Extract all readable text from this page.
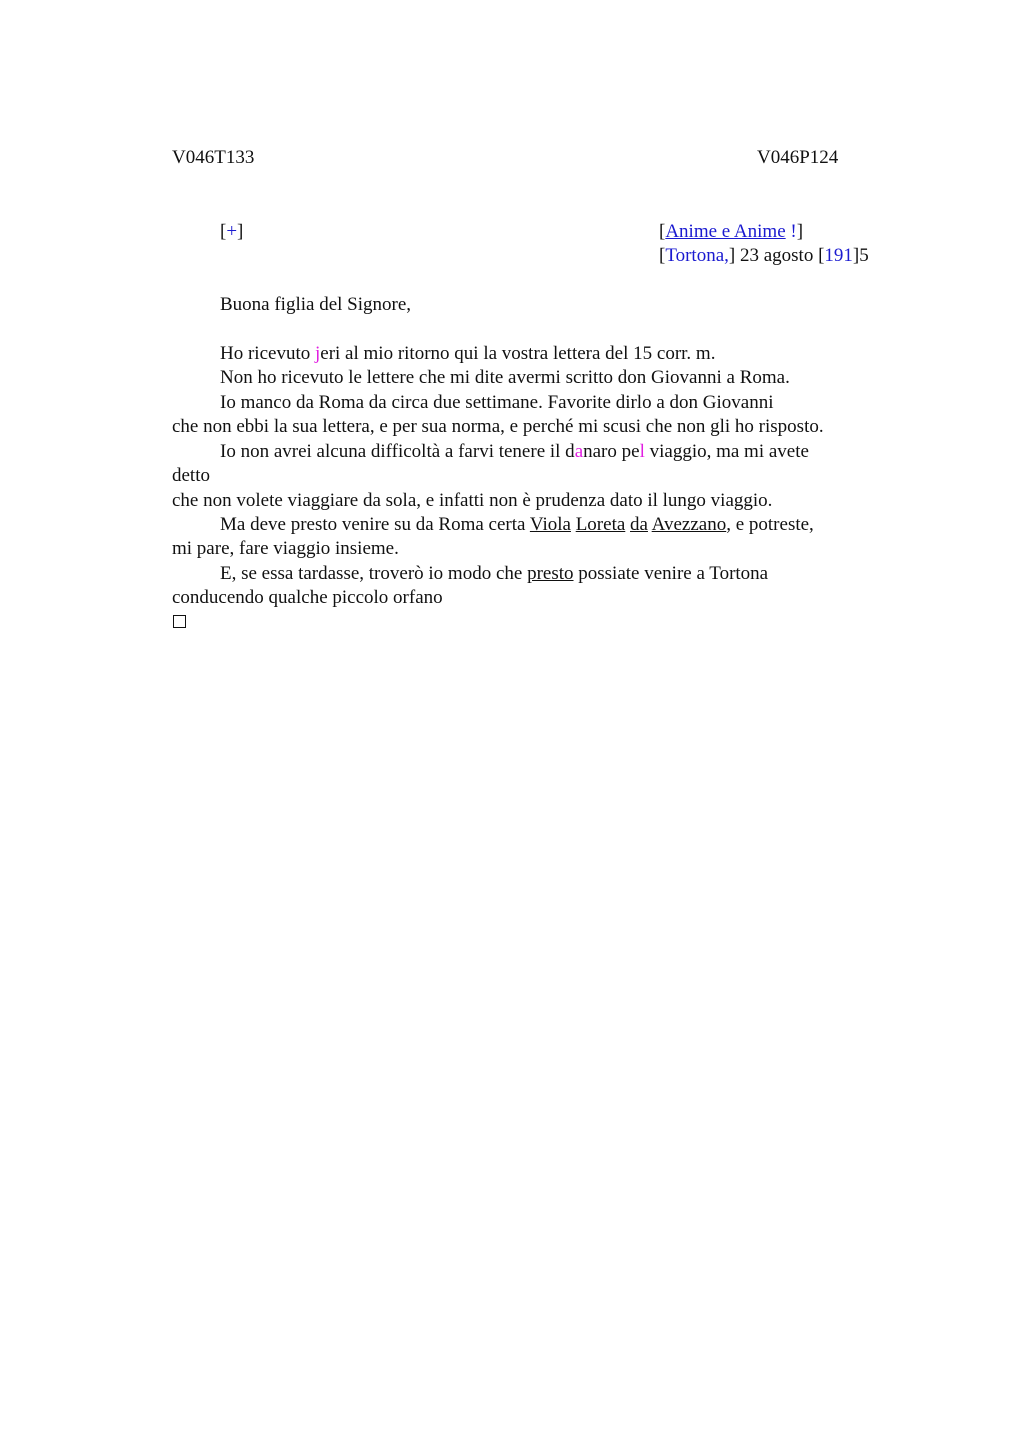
V046T133	V046P124
[+]	[Anime e Anime !]
[Tortona,] 23 agosto [191]5
Buona figlia del Signore,
Ho ricevuto jeri al mio ritorno qui la vostra lettera del 15 corr. m.
Non ho ricevuto le lettere che mi dite avermi scritto don Giovanni a Roma.
Io manco da Roma da circa due settimane. Favorite dirlo a don Giovanni
che non ebbi la sua lettera, e per sua norma, e perché mi scusi che non gli ho risposto.
Io non avrei alcuna difficoltà a farvi tenere il danaro pel viaggio, ma mi avete
detto
che non volete viaggiare da sola, e infatti non è prudenza dato il lungo viaggio.
Ma deve presto venire su da Roma certa Viola Loreta da Avezzano, e potreste,
mi pare, fare viaggio insieme.
E, se essa tardasse, troverò io modo che presto possiate venire a Tortona
conducendo qualche piccolo orfano
